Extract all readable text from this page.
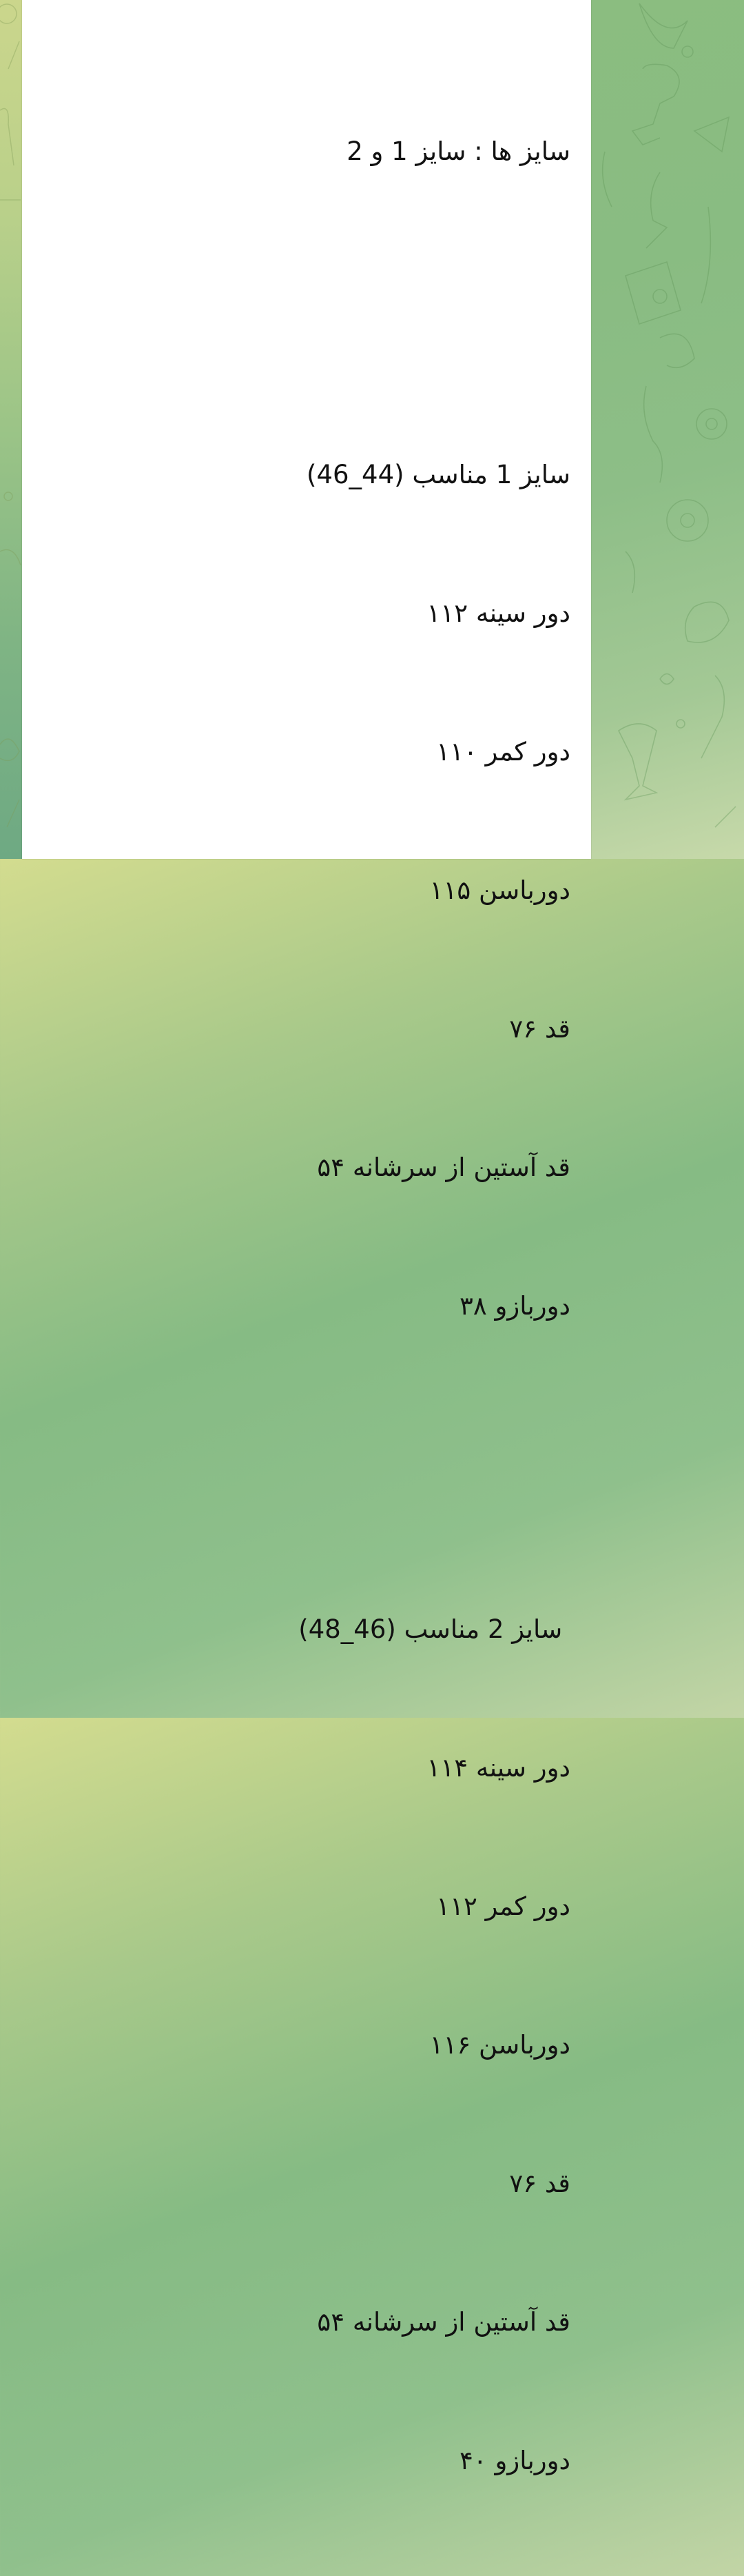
سایز ها : سایز 1 و 2

سایز 1 مناسب (44_46)

دور سینه ۱۱۲

دور کمر ۱۱۰

دورباسن ۱۱۵

قد ۷۶

قد آستین از سرشانه ۵۴

دوربازو ۳۸

سایز 2 مناسب (46_48)

دور سینه ۱۱۴

دور کمر ۱۱۲

دورباسن ۱۱۶

قد ۷۶

قد آستین از سرشانه ۵۴

دوربازو ۴۰
